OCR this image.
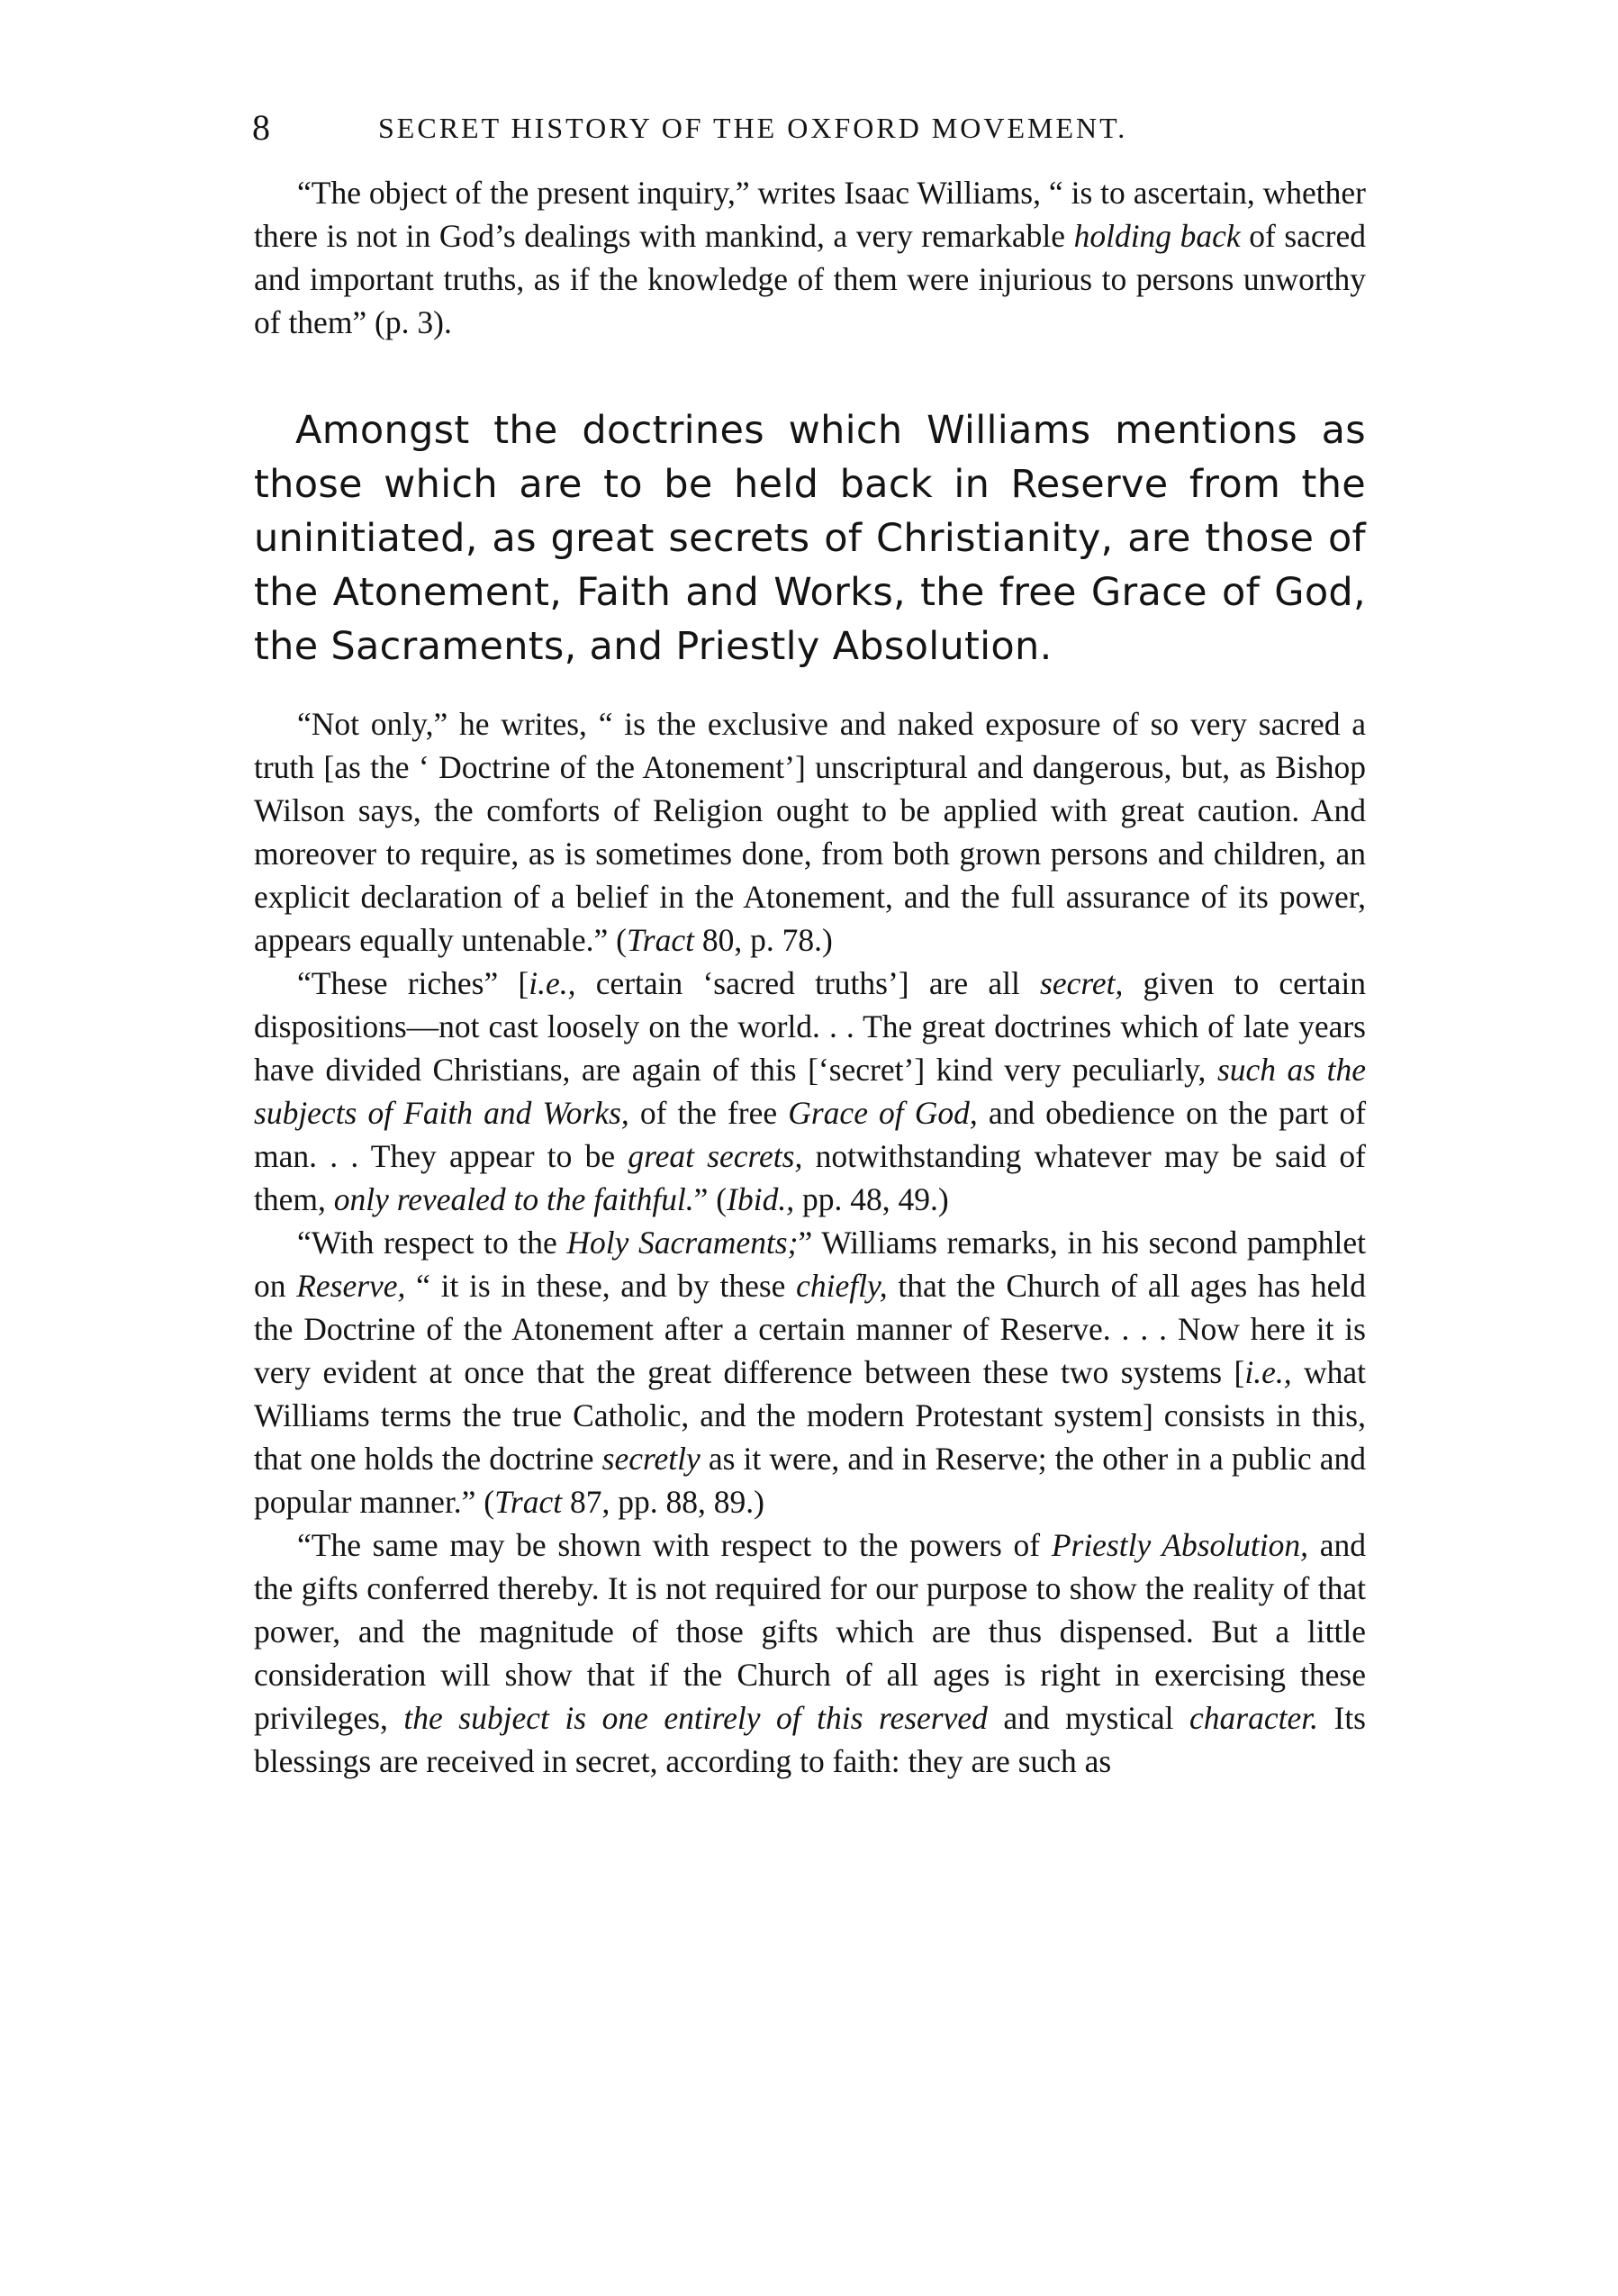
8	SECRET HISTORY OF THE OXFORD MOVEMENT.

“The object of the present inquiry,” writes Isaac Williams, “ is to ascertain, whether there is not in God’s dealings with mankind, a very remarkable holding back of sacred and important truths, as if the knowledge of them were injurious to persons unworthy of them” (p. 3).

Amongst the doctrines which Williams mentions as those which are to be held back in Reserve from the uninitiated, as great secrets of Christianity, are those of the Atonement, Faith and Works, the free Grace of God, the Sacraments, and Priestly Absolution.

“Not only,” he writes, “ is the exclusive and naked exposure of so very sacred a truth [as the ‘ Doctrine of the Atonement’] unscriptural and dangerous, but, as Bishop Wilson says, the comforts of Religion ought to be applied with great caution. And moreover to require, as is sometimes done, from both grown persons and children, an explicit declaration of a belief in the Atonement, and the full assurance of its power, appears equally untenable.” (Tract 80, p. 78.)

“These riches” [i.e., certain ‘sacred truths’] are all secret, given to certain dispositions—not cast loosely on the world. . . The great doctrines which of late years have divided Christians, are again of this [‘secret’] kind very peculiarly, such as the subjects of Faith and Works, of the free Grace of God, and obedience on the part of man. . . They appear to be great secrets, notwithstanding whatever may be said of them, only revealed to the faithful.” (Ibid., pp. 48, 49.)

“With respect to the Holy Sacraments;” Williams remarks, in his second pamphlet on Reserve, “ it is in these, and by these chiefly, that the Church of all ages has held the Doctrine of the Atonement after a certain manner of Reserve. . . . Now here it is very evident at once that the great difference between these two systems [i.e., what Williams terms the true Catholic, and the modern Protestant system] consists in this, that one holds the doctrine secretly as it were, and in Reserve; the other in a public and popular manner.” (Tract 87, pp. 88, 89.)

“The same may be shown with respect to the powers of Priestly Absolution, and the gifts conferred thereby. It is not required for our purpose to show the reality of that power, and the magnitude of those gifts which are thus dispensed. But a little consideration will show that if the Church of all ages is right in exercising these privileges, the subject is one entirely of this reserved and mystical character. Its blessings are received in secret, according to faith: they are such as
